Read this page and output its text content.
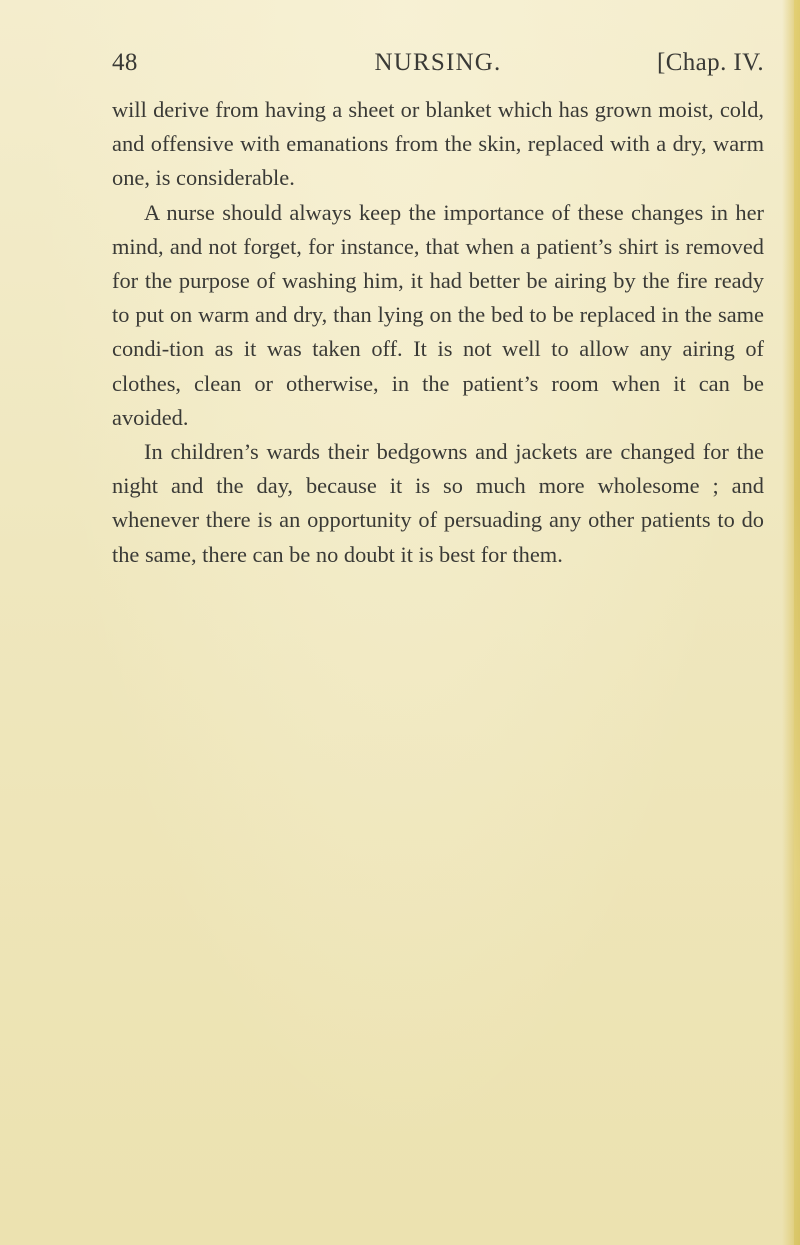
48	NURSING.	[Chap. IV.

will derive from having a sheet or blanket which has grown moist, cold, and offensive with emanations from the skin, replaced with a dry, warm one, is considerable.

A nurse should always keep the importance of these changes in her mind, and not forget, for instance, that when a patient’s shirt is removed for the purpose of washing him, it had better be airing by the fire ready to put on warm and dry, than lying on the bed to be replaced in the same condi-tion as it was taken off. It is not well to allow any airing of clothes, clean or otherwise, in the patient’s room when it can be avoided.

In children’s wards their bedgowns and jackets are changed for the night and the day, because it is so much more wholesome ; and whenever there is an opportunity of persuading any other patients to do the same, there can be no doubt it is best for them.
